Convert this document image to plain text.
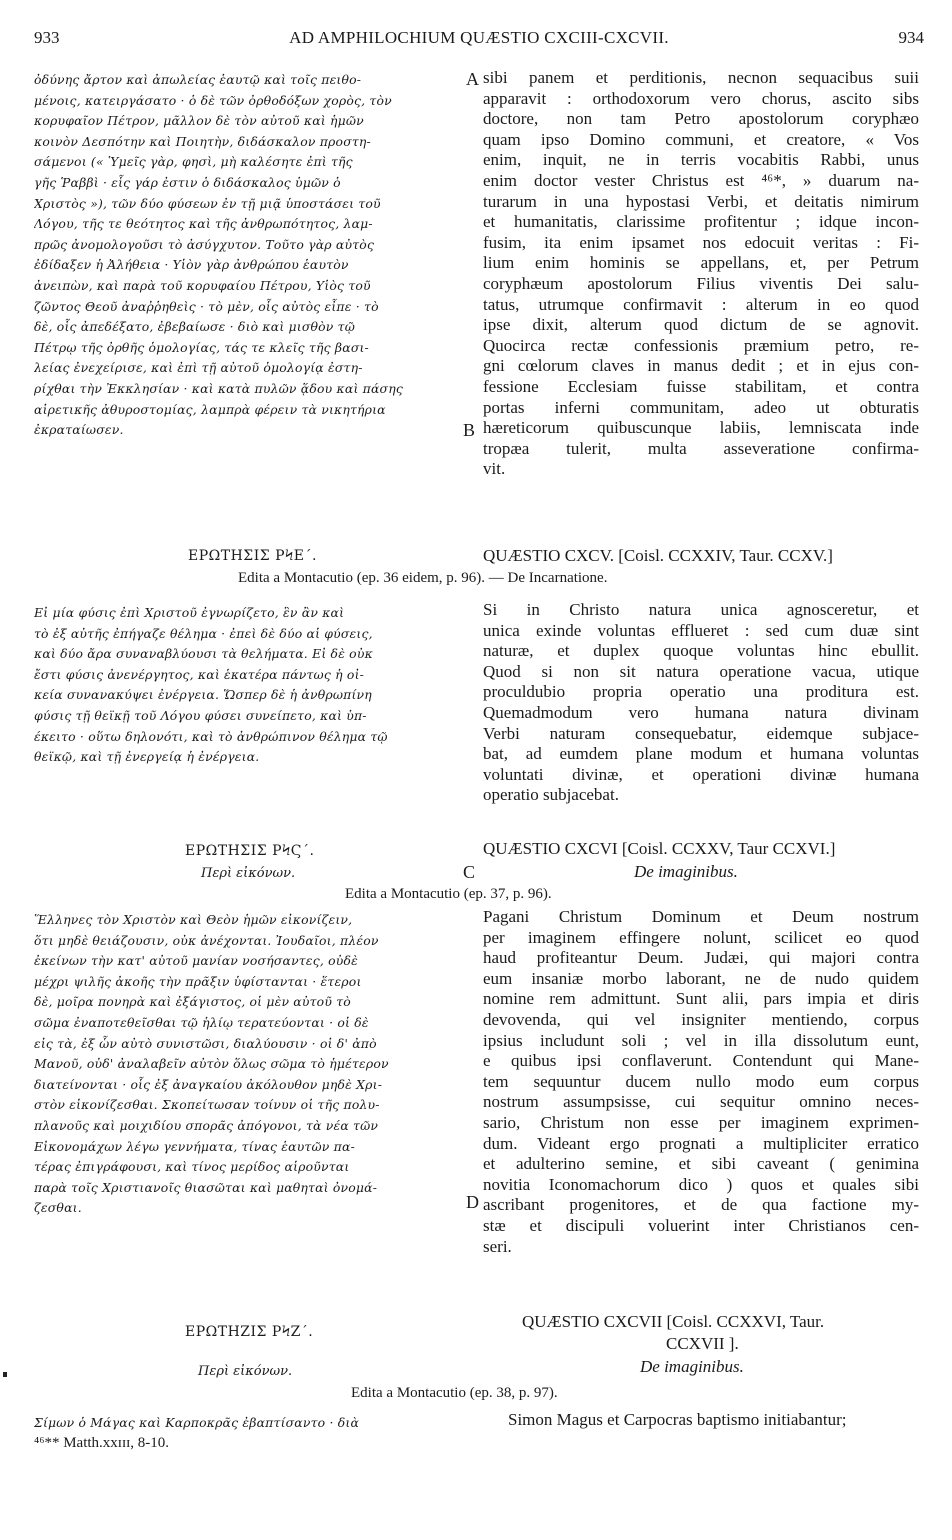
933	AD AMPHILOCHIUM QUÆSTIO CXCIII-CXCVII.	934
ὀδύνης ἄρτον καὶ ἀπωλείας ἑαυτῷ καὶ τοῖς πειθο-
μένοις, κατειργάσατο · ὁ δὲ τῶν ὀρθοδόξων χορὸς, τὸν
κορυφαῖον Πέτρον, μᾶλλον δὲ τὸν αὐτοῦ καὶ ἡμῶν
κοινὸν Δεσπότην καὶ Ποιητὴν, διδάσκαλον προστη-
σάμενοι (« Ὑμεῖς γὰρ, φησὶ, μὴ καλέσητε ἐπὶ τῆς
γῆς Ῥαββὶ · εἷς γάρ ἐστιν ὁ διδάσκαλος ὑμῶν ὁ
Χριστὸς »), τῶν δύο φύσεων ἐν τῇ μιᾷ ὑποστάσει τοῦ
Λόγου, τῆς τε θεότητος καὶ τῆς ἀνθρωπότητος, λαμ-
πρῶς ἀνομολογοῦσι τὸ ἀσύγχυτον. Τοῦτο γὰρ αὐτὸς
ἐδίδαξεν ἡ Ἀλήθεια · Υἱὸν γὰρ ἀνθρώπου ἑαυτὸν
ἀνειπὼν, καὶ παρὰ τοῦ κορυφαίου Πέτρου, Υἱὸς τοῦ
ζῶντος Θεοῦ ἀναῤῥηθεὶς · τὸ μὲν, οἷς αὐτὸς εἶπε · τὸ
δὲ, οἷς ἀπεδέξατο, ἐβεβαίωσε · διὸ καὶ μισθὸν τῷ
Πέτρῳ τῆς ὀρθῆς ὁμολογίας, τάς τε κλεῖς τῆς βασι-
λείας ἐνεχείρισε, καὶ ἐπὶ τῇ αὐτοῦ ὁμολογίᾳ ἐστη-
ρίχθαι τὴν Ἐκκλησίαν · καὶ κατὰ πυλῶν ᾅδου καὶ πάσης
αἱρετικῆς ἀθυροστομίας, λαμπρὰ φέρειν τὰ νικητήρια
ἐκραταίωσεν.
sibi panem et perditionis, necnon sequacibus suii
apparavit : orthodoxorum vero chorus, ascito sibs
doctore, non tam Petro apostolorum coryphæo
quam ipso Domino communi, et creatore, « Vos
enim, inquit, ne in terris vocabitis Rabbi, unus
enim doctor vester Christus est ⁴⁶*, » duarum na-
turarum in una hypostasi Verbi, et deitatis nimirum
et humanitatis, clarissime profitentur ; idque incon-
fusim, ita enim ipsamet nos edocuit veritas : Fi-
lium enim hominis se appellans, et, per Petrum
coryphæum apostolorum Filius viventis Dei salu-
tatus, utrumque confirmavit : alterum in eo quod
ipse dixit, alterum quod dictum de se agnovit.
Quocirca rectæ confessionis præmium petro, re-
gni cœlorum claves in manus dedit ; et in ejus con-
fessione Ecclesiam fuisse stabilitam, et contra
portas inferni communitam, adeo ut obturatis
hæreticorum quibuscunque labiis, lemniscata inde
tropæa tulerit, multa asseveratione confirma-
vit.
A
B
C
D
ΕΡΩΤΗΣΙΣ ΡϞΕ΄.	QUÆSTIO CXCV. [Coisl. CCXXIV, Taur. CCXV.]
Edita a Montacutio (ep. 36 eidem, p. 96). — De Incarnatione.
Εἰ μία φύσις ἐπὶ Χριστοῦ ἐγνωρίζετο, ἓν ἂν καὶ
τὸ ἐξ αὐτῆς ἐπήγαζε θέλημα · ἐπεὶ δὲ δύο αἱ φύσεις,
καὶ δύο ἄρα συναναβλύουσι τὰ θελήματα. Εἰ δὲ οὐκ
ἔστι φύσις ἀνενέργητος, καὶ ἑκατέρα πάντως ἡ οἰ-
κεία συνανακύψει ἐνέργεια. Ὥσπερ δὲ ἡ ἀνθρωπίνη
φύσις τῇ θεϊκῇ τοῦ Λόγου φύσει συνείπετο, καὶ ὑπ-
έκειτο · οὕτω δηλονότι, καὶ τὸ ἀνθρώπινον θέλημα τῷ
θεϊκῷ, καὶ τῇ ἐνεργείᾳ ἡ ἐνέργεια.
Si in Christo natura unica agnosceretur, et
unica exinde voluntas efflueret : sed cum duæ sint
naturæ, et duplex quoque voluntas hinc ebullit.
Quod si non sit natura operatione vacua, utique
proculdubio propria operatio una proditura est.
Quemadmodum vero humana natura divinam
Verbi naturam consequebatur, eidemque subjace-
bat, ad eumdem plane modum et humana voluntas
voluntati divinæ, et operationi divinæ humana
operatio subjacebat.
ΕΡΩΤΗΣΙΣ ΡϞϚ΄.
Περὶ εἰκόνων.
QUÆSTIO CXCVI [Coisl. CCXXV, Taur CCXVI.]
De imaginibus.
Edita a Montacutio (ep. 37, p. 96).
Ἕλληνες τὸν Χριστὸν καὶ Θεὸν ἡμῶν εἰκονίζειν,
ὅτι μηδὲ θειάζουσιν, οὐκ ἀνέχονται. Ἰουδαῖοι, πλέον
ἐκείνων τὴν κατ' αὐτοῦ μανίαν νοσήσαντες, οὐδὲ
μέχρι ψιλῆς ἀκοῆς τὴν πρᾶξιν ὑφίστανται · ἕτεροι
δὲ, μοῖρα πονηρὰ καὶ ἐξάγιστος, οἱ μὲν αὐτοῦ τὸ
σῶμα ἐναποτεθεῖσθαι τῷ ἡλίῳ τερατεύονται · οἱ δὲ
εἰς τὰ, ἐξ ὧν αὐτὸ συνιστῶσι, διαλύουσιν · οἱ δ' ἀπὸ
Μανοῦ, οὐδ' ἀναλαβεῖν αὐτὸν ὅλως σῶμα τὸ ἡμέτερον
διατείνονται · οἷς ἐξ ἀναγκαίου ἀκόλουθον μηδὲ Χρι-
στὸν εἰκονίζεσθαι. Σκοπείτωσαν τοίνυν οἱ τῆς πολυ-
πλανοῦς καὶ μοιχιδίου σπορᾶς ἀπόγονοι, τὰ νέα τῶν
Εἰκονομάχων λέγω γεννήματα, τίνας ἑαυτῶν πα-
τέρας ἐπιγράφουσι, καὶ τίνος μερίδος αἱροῦνται
παρὰ τοῖς Χριστιανοῖς θιασῶται καὶ μαθηταὶ ὀνομά-
ζεσθαι.
Pagani Christum Dominum et Deum nostrum
per imaginem effingere nolunt, scilicet eo quod
haud profiteantur Deum. Judæi, qui majori contra
eum insaniæ morbo laborant, ne de nudo quidem
nomine rem admittunt. Sunt alii, pars impia et diris
devovenda, qui vel insigniter mentiendo, corpus
ipsius includunt soli ; vel in illa dissolutum eunt,
e quibus ipsi conflaverunt. Contendunt qui Mane-
tem sequuntur ducem nullo modo eum corpus
nostrum assumpsisse, cui sequitur omnino neces-
sario, Christum non esse per imaginem exprimen-
dum. Videant ergo prognati a multipliciter erratico
et adulterino semine, et sibi caveant ( genimina
novitia Iconomachorum dico ) quos et quales sibi
ascribant progenitores, et de qua factione my-
stæ et discipuli voluerint inter Christianos cen-
seri.
ΕΡΩΤΗΖΙΣ ΡϞΖ΄.
Περὶ εἰκόνων.
QUÆSTIO CXCVII [Coisl. CCXXVI, Taur.
CCXVII ].
De imaginibus.
Edita a Montacutio (ep. 38, p. 97).
Σίμων ὁ Μάγας καὶ Καρποκρᾶς ἐβαπτίσαντο · διὰ	Simon Magus et Carpocras baptismo initiabantur;
⁴⁶** Matth.xxɪɪɪ, 8-10.
